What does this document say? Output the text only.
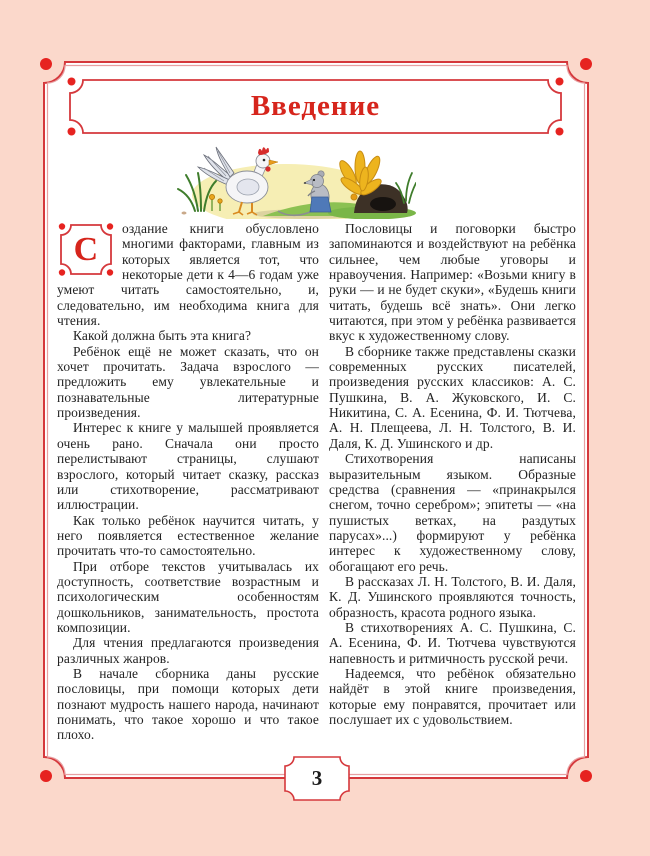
Введение

С
оздание книги обусловлено многими факторами, главным из которых является тот, что некоторые дети к 4—6 годам уже умеют читать самостоятельно, и, следовательно, им необходима книга для чтения.

Какой должна быть эта книга?

Ребёнок ещё не может сказать, что он хочет прочитать. Задача взрослого — предложить ему увлекательные и познавательные литературные произведения.

Интерес к книге у малышей проявляется очень рано. Сначала они просто перелистывают страницы, слушают взрослого, который читает сказку, рассказ или стихотворение, рассматривают иллюстрации.

Как только ребёнок научится читать, у него появляется естественное желание прочитать что-то самостоятельно.

При отборе текстов учитывалась их доступность, соответствие возрастным и психологическим особенностям дошкольников, занимательность, простота композиции.

Для чтения предлагаются произведения различных жанров.

В начале сборника даны русские пословицы, при помощи которых дети познают мудрость нашего народа, начинают понимать, что такое хорошо и что такое плохо.

Пословицы и поговорки быстро запоминаются и воздействуют на ребёнка сильнее, чем любые уговоры и нравоучения. Например: «Возьми книгу в руки — и не будет скуки», «Будешь книги читать, будешь всё знать». Они легко читаются, при этом у ребёнка развивается вкус к художественному слову.

В сборнике также представлены сказки современных русских писателей, произведения русских классиков: А. С. Пушкина, В. А. Жуковского, И. С. Никитина, С. А. Есенина, Ф. И. Тютчева, А. Н. Плещеева, Л. Н. Толстого, В. И. Даля, К. Д. Ушинского и др.

Стихотворения написаны выразительным языком. Образные средства (сравнения — «принакрылся снегом, точно серебром»; эпитеты — «на пушистых ветках, на раздутых парусах»...) формируют у ребёнка интерес к художественному слову, обогащают его речь.

В рассказах Л. Н. Толстого, В. И. Даля, К. Д. Ушинского проявляются точность, образность, красота родного языка.

В стихотворениях А. С. Пушкина, С. А. Есенина, Ф. И. Тютчева чувствуются напевность и ритмичность русской речи.

Надеемся, что ребёнок обязательно найдёт в этой книге произведения, которые ему понравятся, прочитает или послушает их с удовольствием.

3
